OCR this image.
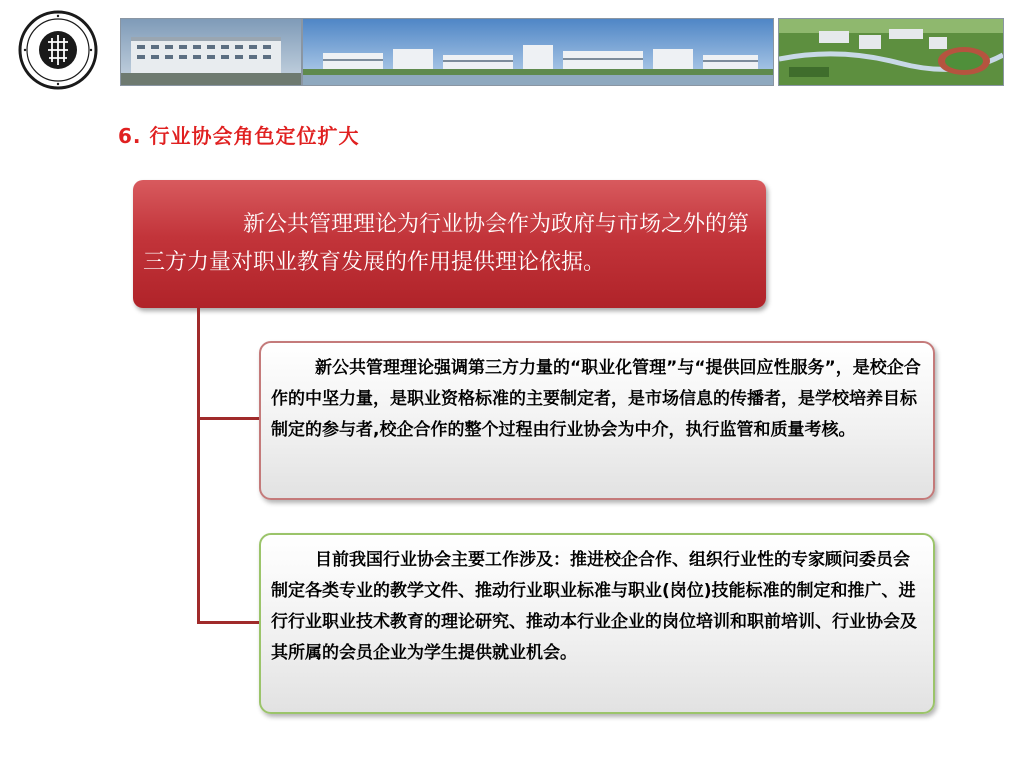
6. 行业协会角色定位扩大
新公共管理理论为行业协会作为政府与市场之外的第三方力量对职业教育发展的作用提供理论依据。
新公共管理理论强调第三方力量的“职业化管理”与“提供回应性服务”，是校企合作的中坚力量，是职业资格标准的主要制定者，是市场信息的传播者，是学校培养目标制定的参与者,校企合作的整个过程由行业协会为中介，执行监管和质量考核。
目前我国行业协会主要工作涉及：推进校企合作、组织行业性的专家顾问委员会制定各类专业的教学文件、推动行业职业标准与职业(岗位)技能标准的制定和推广、进行行业职业技术教育的理论研究、推动本行业企业的岗位培训和职前培训、行业协会及其所属的会员企业为学生提供就业机会。
